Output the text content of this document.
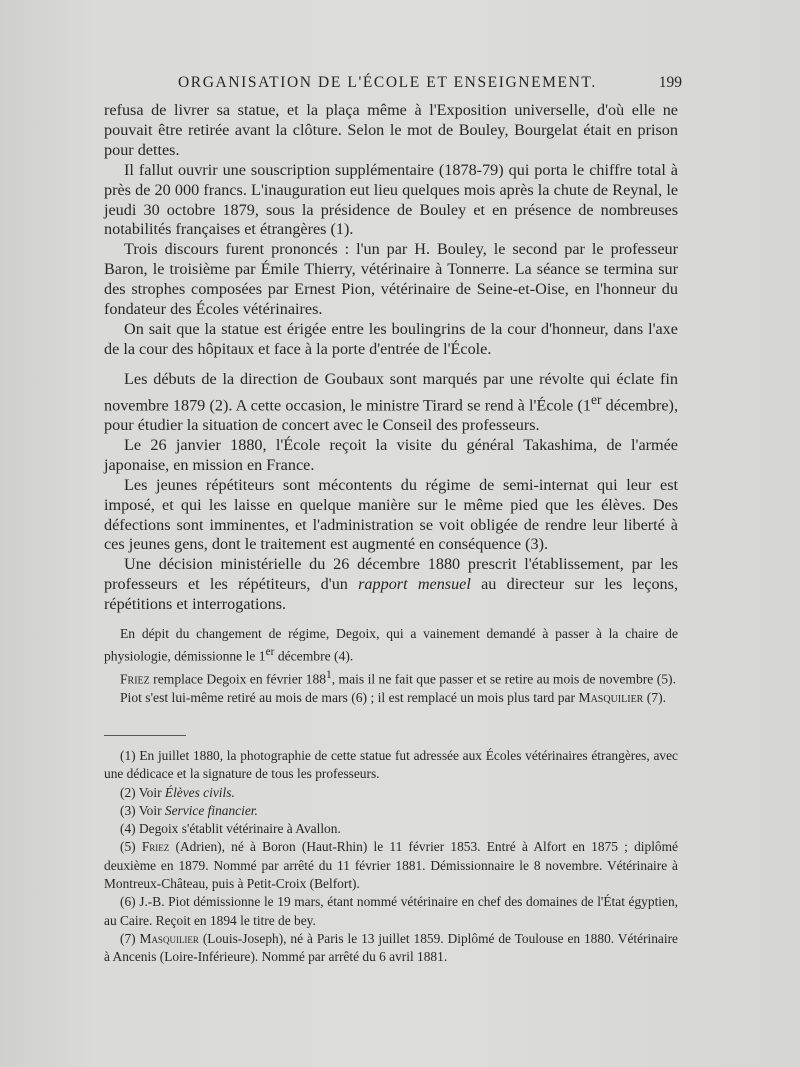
ORGANISATION DE L'ÉCOLE ET ENSEIGNEMENT.	199

refusa de livrer sa statue, et la plaça même à l'Exposition universelle, d'où elle ne pouvait être retirée avant la clôture. Selon le mot de Bouley, Bourgelat était en prison pour dettes.

Il fallut ouvrir une souscription supplémentaire (1878-79) qui porta le chiffre total à près de 20 000 francs. L'inauguration eut lieu quelques mois après la chute de Reynal, le jeudi 30 octobre 1879, sous la présidence de Bouley et en présence de nombreuses notabilités françaises et étrangères (1).

Trois discours furent prononcés : l'un par H. Bouley, le second par le professeur Baron, le troisième par Émile Thierry, vétérinaire à Tonnerre. La séance se termina sur des strophes composées par Ernest Pion, vétérinaire de Seine-et-Oise, en l'honneur du fondateur des Écoles vétérinaires.

On sait que la statue est érigée entre les boulingrins de la cour d'honneur, dans l'axe de la cour des hôpitaux et face à la porte d'entrée de l'École.

Les débuts de la direction de Goubaux sont marqués par une révolte qui éclate fin novembre 1879 (2). A cette occasion, le ministre Tirard se rend à l'École (1er décembre), pour étudier la situation de concert avec le Conseil des professeurs.

Le 26 janvier 1880, l'École reçoit la visite du général Takashima, de l'armée japonaise, en mission en France.

Les jeunes répétiteurs sont mécontents du régime de semi-internat qui leur est imposé, et qui les laisse en quelque manière sur le même pied que les élèves. Des défections sont imminentes, et l'administration se voit obligée de rendre leur liberté à ces jeunes gens, dont le traitement est augmenté en conséquence (3).

Une décision ministérielle du 26 décembre 1880 prescrit l'établissement, par les professeurs et les répétiteurs, d'un rapport mensuel au directeur sur les leçons, répétitions et interrogations.

En dépit du changement de régime, Degoix, qui a vainement demandé à passer à la chaire de physiologie, démissionne le 1er décembre (4).

Friez remplace Degoix en février $188^1$, mais il ne fait que passer et se retire au mois de novembre (5).

Piot s'est lui-même retiré au mois de mars (6) ; il est remplacé un mois plus tard par Masquilier (7).

(1) En juillet 1880, la photographie de cette statue fut adressée aux Écoles vétérinaires étrangères, avec une dédicace et la signature de tous les professeurs.

(2) Voir Élèves civils.

(3) Voir Service financier.

(4) Degoix s'établit vétérinaire à Avallon.

(5) Friez (Adrien), né à Boron (Haut-Rhin) le 11 février 1853. Entré à Alfort en 1875 ; diplômé deuxième en 1879. Nommé par arrêté du 11 février 1881. Démissionnaire le 8 novembre. Vétérinaire à Montreux-Château, puis à Petit-Croix (Belfort).

(6) J.-B. Piot démissionne le 19 mars, étant nommé vétérinaire en chef des domaines de l'État égyptien, au Caire. Reçoit en 1894 le titre de bey.

(7) Masquilier (Louis-Joseph), né à Paris le 13 juillet 1859. Diplômé de Toulouse en 1880. Vétérinaire à Ancenis (Loire-Inférieure). Nommé par arrêté du 6 avril 1881.
